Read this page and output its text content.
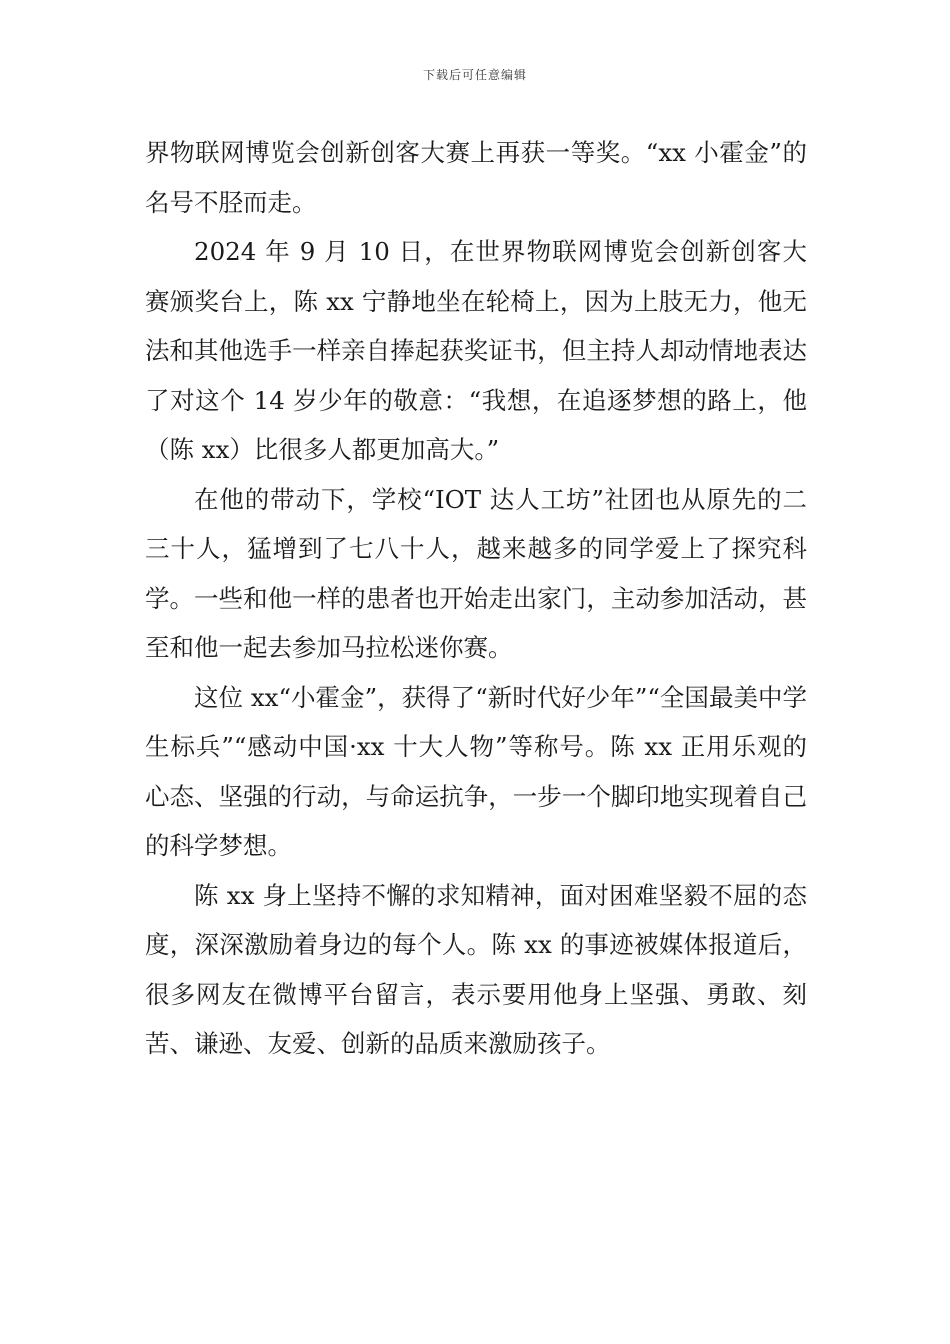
下载后可任意编辑

界物联网博览会创新创客大赛上再获一等奖。“xx 小霍金”的名号不胫而走。

2024 年 9 月 10 日，在世界物联网博览会创新创客大赛颁奖台上，陈 xx 宁静地坐在轮椅上，因为上肢无力，他无法和其他选手一样亲自捧起获奖证书，但主持人却动情地表达了对这个 14 岁少年的敬意：“我想，在追逐梦想的路上，他（陈 xx）比很多人都更加高大。”

在他的带动下，学校“IOT 达人工坊”社团也从原先的二三十人，猛增到了七八十人，越来越多的同学爱上了探究科学。一些和他一样的患者也开始走出家门，主动参加活动，甚至和他一起去参加马拉松迷你赛。

这位 xx“小霍金”，获得了“新时代好少年”“全国最美中学生标兵”“感动中国·xx 十大人物”等称号。陈 xx 正用乐观的心态、坚强的行动，与命运抗争，一步一个脚印地实现着自己的科学梦想。

陈 xx 身上坚持不懈的求知精神，面对困难坚毅不屈的态度，深深激励着身边的每个人。陈 xx 的事迹被媒体报道后，很多网友在微博平台留言，表示要用他身上坚强、勇敢、刻苦、谦逊、友爱、创新的品质来激励孩子。
